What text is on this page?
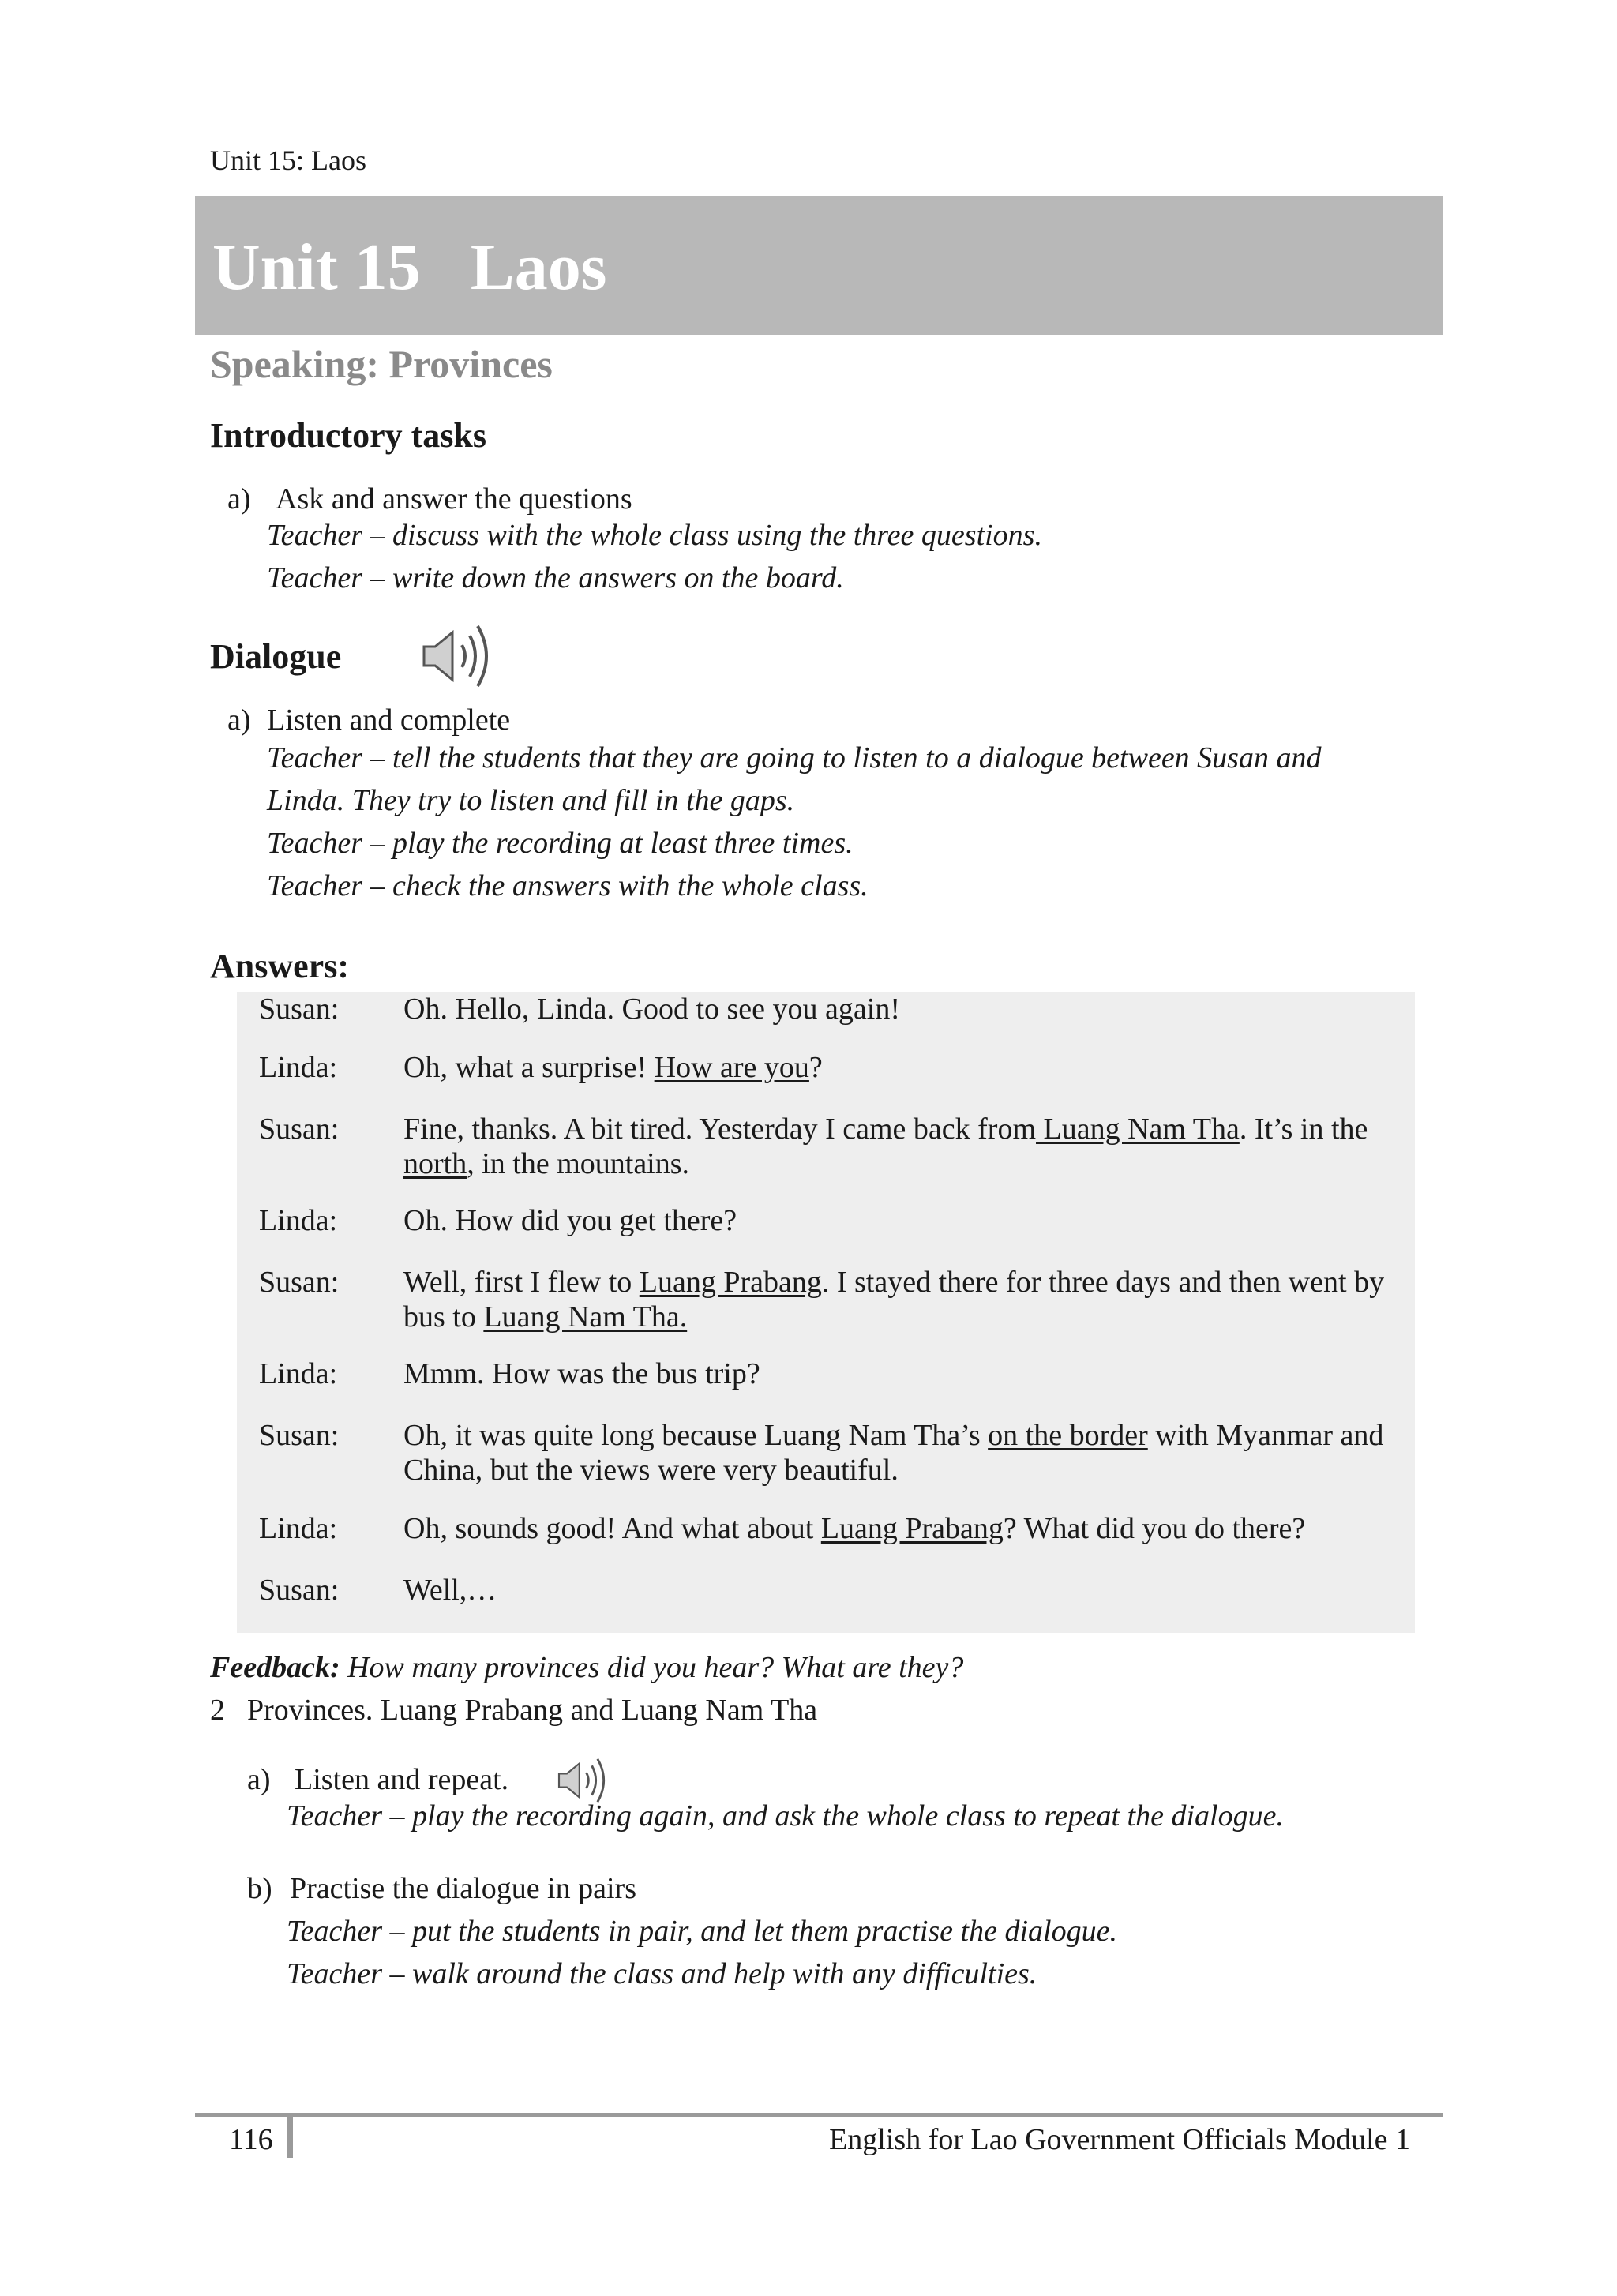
Unit 15: Laos
Unit 15   Laos
Speaking: Provinces
Introductory tasks
a) Ask and answer the questions
Teacher – discuss with the whole class using the three questions.
Teacher – write down the answers on the board.
Dialogue
a) Listen and complete
Teacher – tell the students that they are going to listen to a dialogue between Susan and
Linda. They try to listen and fill in the gaps.
Teacher – play the recording at least three times.
Teacher – check the answers with the whole class.
Answers:
Susan: Oh. Hello, Linda. Good to see you again!
Linda: Oh, what a surprise! How are you?
Susan: Fine, thanks. A bit tired. Yesterday I came back from Luang Nam Tha. It’s in the north, in the mountains.
Linda: Oh. How did you get there?
Susan: Well, first I flew to Luang Prabang. I stayed there for three days and then went by bus to Luang Nam Tha.
Linda: Mmm. How was the bus trip?
Susan: Oh, it was quite long because Luang Nam Tha’s on the border with Myanmar and China, but the views were very beautiful.
Linda: Oh, sounds good! And what about Luang Prabang? What did you do there?
Susan: Well,…
Feedback: How many provinces did you hear? What are they?
2 Provinces. Luang Prabang and Luang Nam Tha
a) Listen and repeat.
Teacher – play the recording again, and ask the whole class to repeat the dialogue.
b) Practise the dialogue in pairs
Teacher – put the students in pair, and let them practise the dialogue.
Teacher – walk around the class and help with any difficulties.
116	English for Lao Government Officials Module 1
